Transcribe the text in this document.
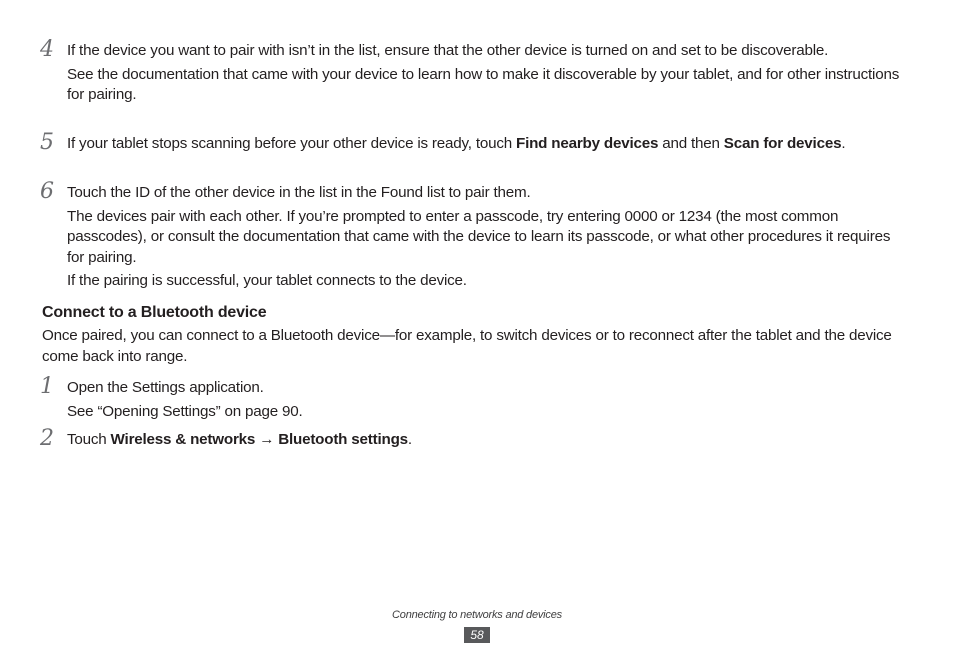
4 If the device you want to pair with isn’t in the list, ensure that the other device is turned on and set to be discoverable.

See the documentation that came with your device to learn how to make it discoverable by your tablet, and for other instructions for pairing.

5 If your tablet stops scanning before your other device is ready, touch Find nearby devices and then Scan for devices.

6 Touch the ID of the other device in the list in the Found list to pair them.

The devices pair with each other. If you’re prompted to enter a passcode, try entering 0000 or 1234 (the most common passcodes), or consult the documentation that came with the device to learn its passcode, or what other procedures it requires for pairing.

If the pairing is successful, your tablet connects to the device.

Connect to a Bluetooth device

Once paired, you can connect to a Bluetooth device—for example, to switch devices or to reconnect after the tablet and the device come back into range.

1 Open the Settings application.

See “Opening Settings” on page 90.

2 Touch Wireless & networks → Bluetooth settings.

Connecting to networks and devices
58
